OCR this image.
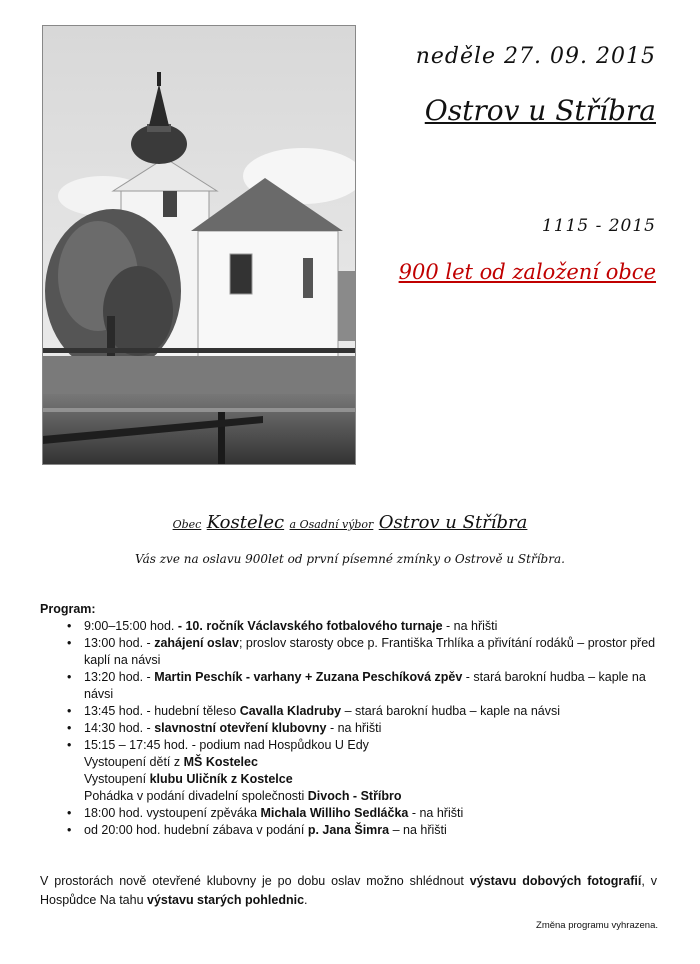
neděle 27. 09. 2015
Ostrov u Stříbra
1115 - 2015
900 let od založení obce
Obec Kostelec a Osadní výbor Ostrov u Stříbra
Vás zve na oslavu 900let od první písemné zmínky o Ostrově u Stříbra.
Program:
• 9:00–15:00 hod. - 10. ročník Václavského fotbalového turnaje - na hřišti
• 13:00 hod. - zahájení oslav; proslov starosty obce p. Františka Trhlíka a přivítání rodáků – prostor před kaplí na návsi
• 13:20 hod. - Martin Peschík - varhany + Zuzana Peschíková zpěv - stará barokní hudba – kaple na návsi
• 13:45 hod. - hudební těleso Cavalla Kladruby – stará barokní hudba – kaple na návsi
• 14:30 hod. - slavnostní otevření klubovny - na hřišti
• 15:15 – 17:45 hod. - podium nad Hospůdkou U Edy
Vystoupení dětí z MŠ Kostelec
Vystoupení klubu Uličník z Kostelce
Pohádka v podání divadelní společnosti Divoch - Stříbro
• 18:00 hod. vystoupení zpěváka Michala Williho Sedláčka - na hřišti
• od 20:00 hod. hudební zábava v podání p. Jana Šimra – na hřišti
V prostorách nově otevřené klubovny je po dobu oslav možno shlédnout výstavu dobových fotografií, v Hospůdce Na tahu výstavu starých pohlednic.
Změna programu vyhrazena.
